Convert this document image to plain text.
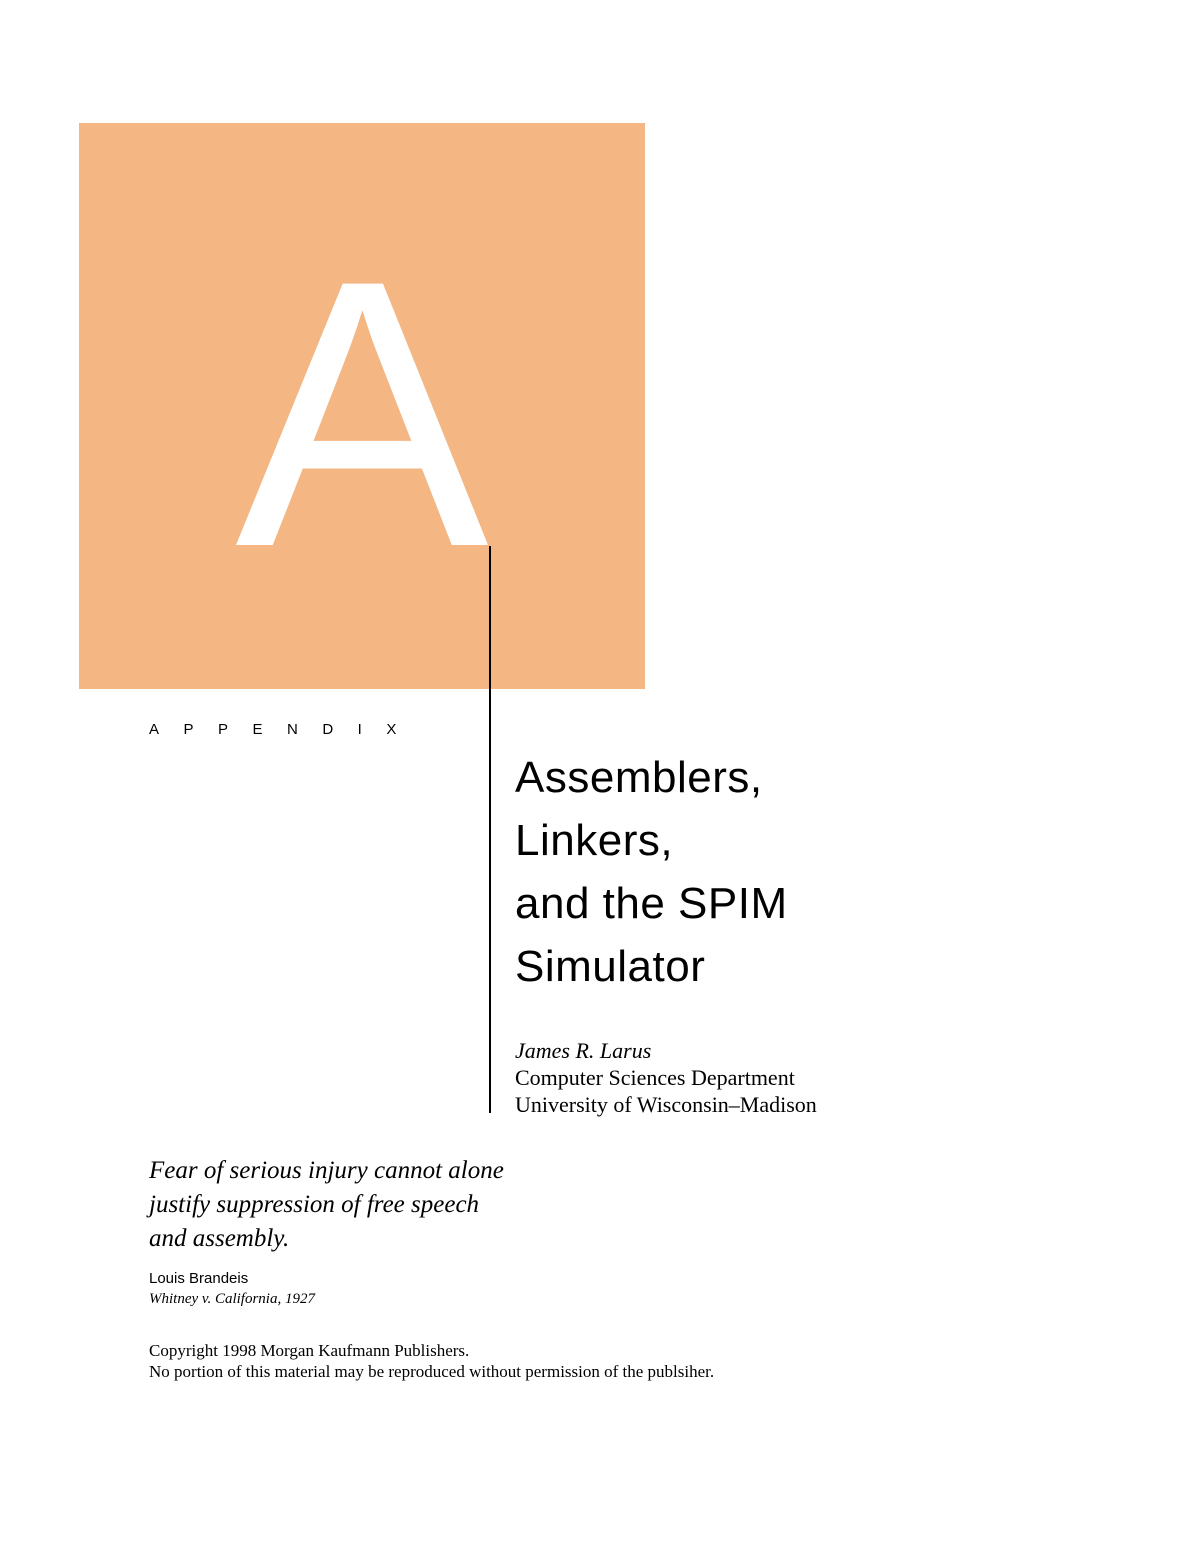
A
APPENDIX
Assemblers,
Linkers,
and the SPIM
Simulator
James R. Larus
Computer Sciences Department
University of Wisconsin–Madison
Fear of serious injury cannot alone
justify suppression of free speech
and assembly.
Louis Brandeis
Whitney v. California, 1927
Copyright 1998 Morgan Kaufmann Publishers.
No portion of this material may be reproduced without permission of the publsiher.
